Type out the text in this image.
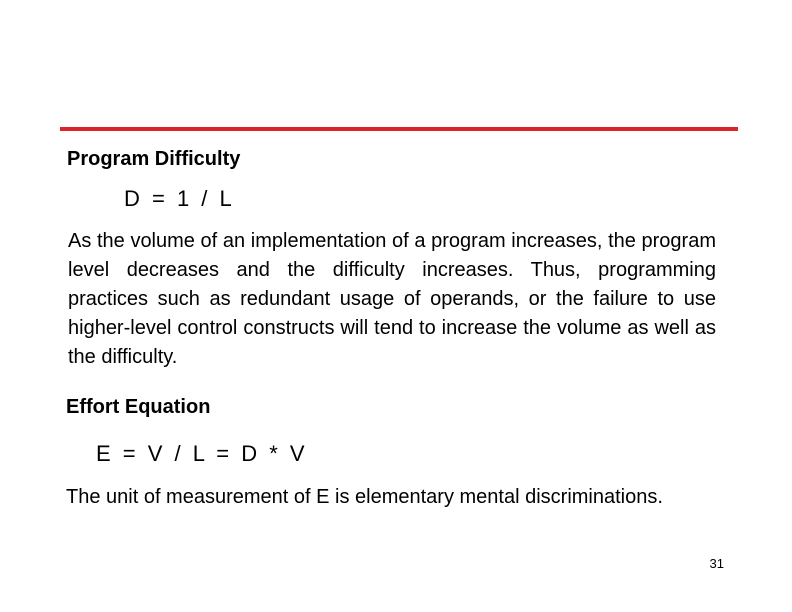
Program Difficulty
D = 1 / L

As the volume of an implementation of a program increases, the program level decreases and the difficulty increases. Thus, programming practices such as redundant usage of operands, or the failure to use higher-level control constructs will tend to increase the volume as well as the difficulty.

Effort Equation
E = V / L = D * V

The unit of measurement of E is elementary mental discriminations.

31
